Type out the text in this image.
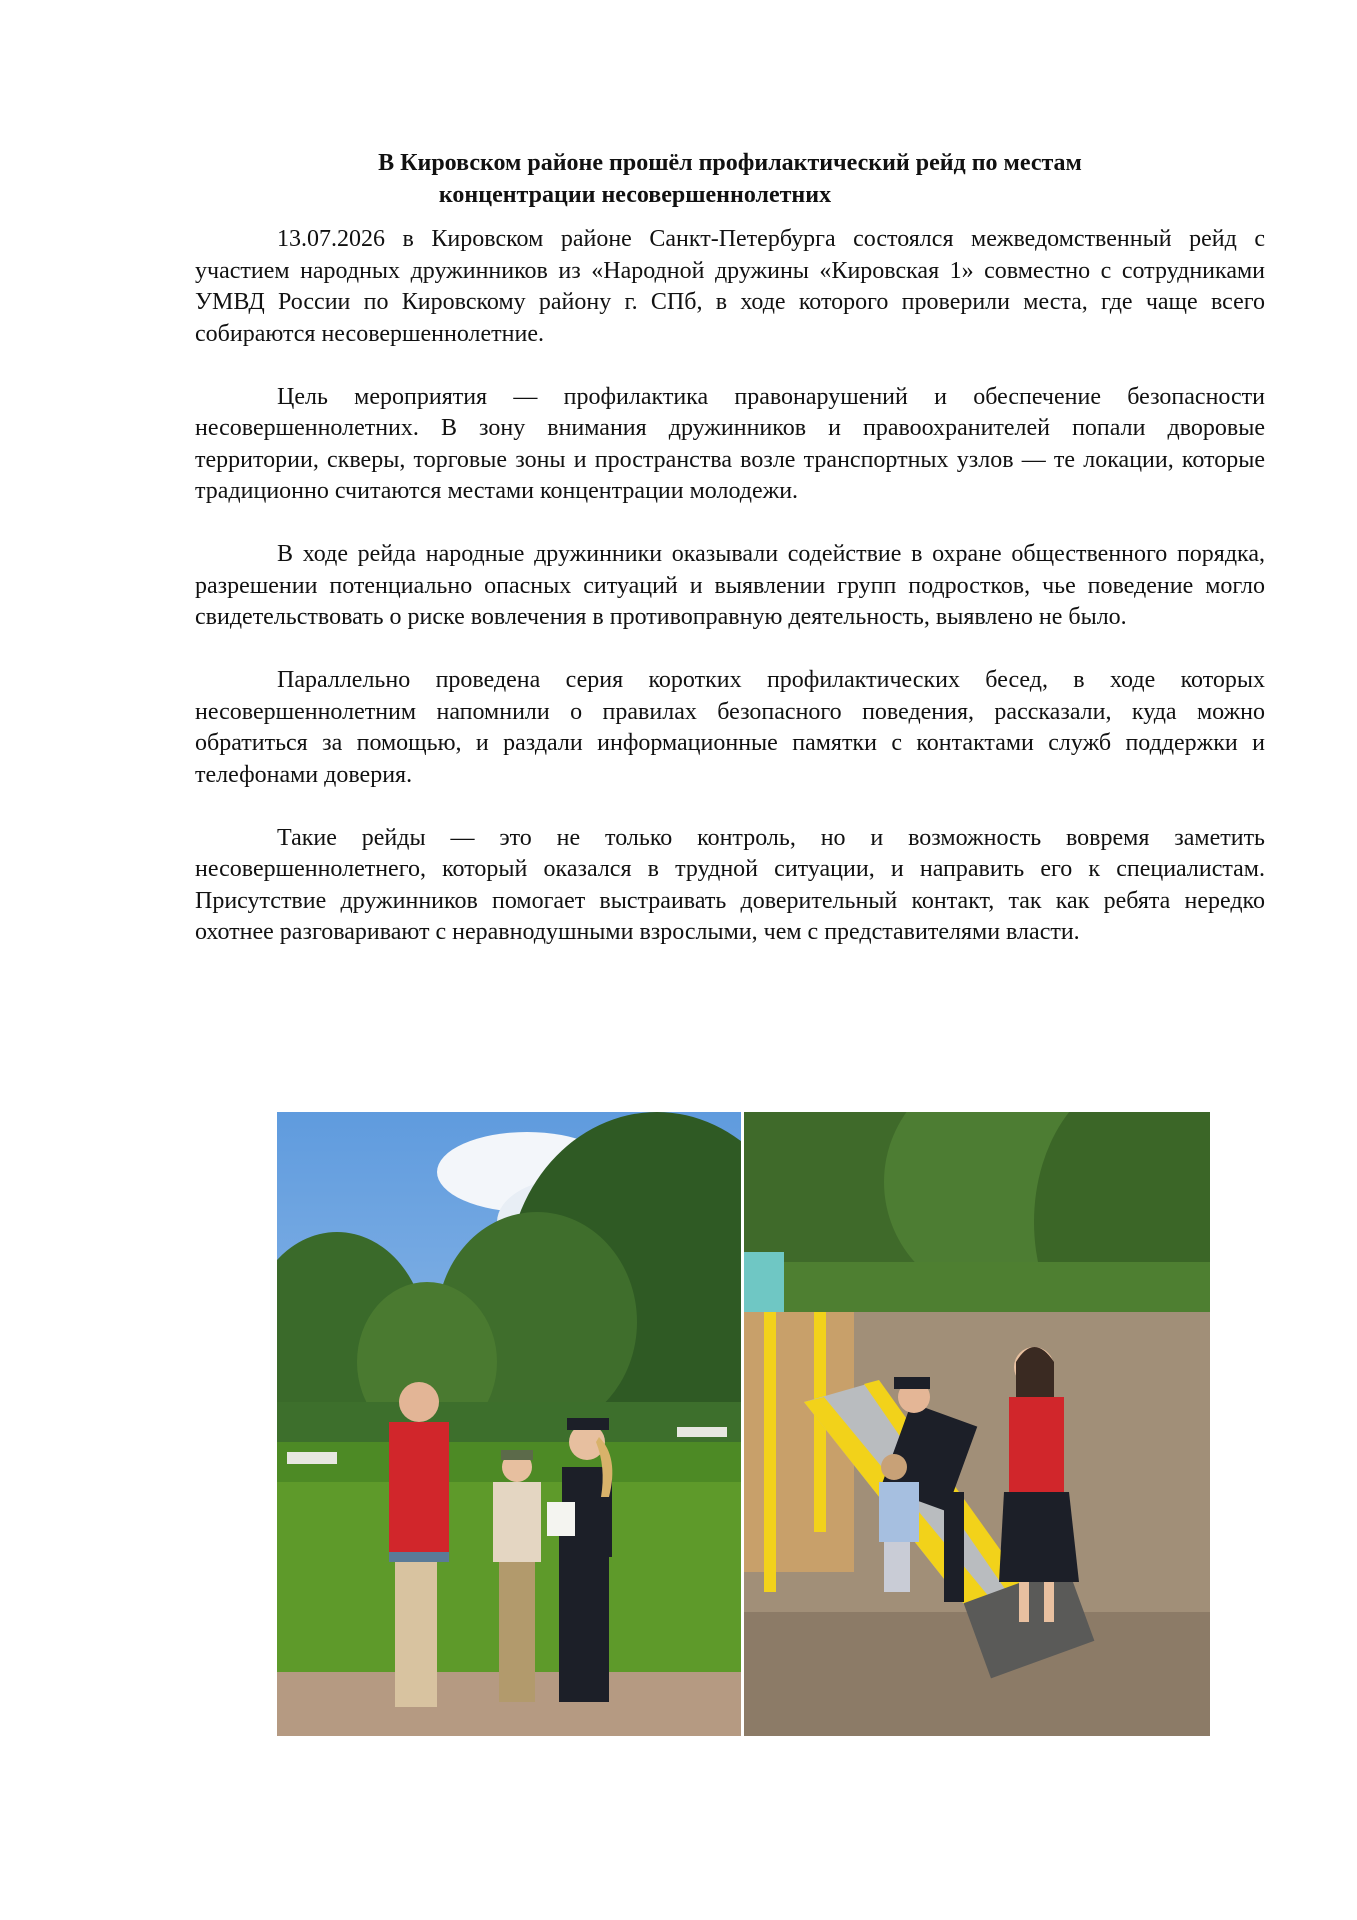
В Кировском районе прошёл профилактический рейд по местам
концентрации несовершеннолетних

13.07.2026 в Кировском районе Санкт-Петербурга состоялся межведомственный рейд с участием народных дружинников из «Народной дружины «Кировская 1» совместно с сотрудниками УМВД России по Кировскому району г. СПб, в ходе которого проверили места, где чаще всего собираются несовершеннолетние.

Цель мероприятия — профилактика правонарушений и обеспечение безопасности несовершеннолетних. В зону внимания дружинников и правоохранителей попали дворовые территории, скверы, торговые зоны и пространства возле транспортных узлов — те локации, которые традиционно считаются местами концентрации молодежи.

В ходе рейда народные дружинники оказывали содействие в охране общественного порядка, разрешении потенциально опасных ситуаций и выявлении групп подростков, чье поведение могло свидетельствовать о риске вовлечения в противоправную деятельность, выявлено не было.

Параллельно проведена серия коротких профилактических бесед, в ходе которых несовершеннолетним напомнили о правилах безопасного поведения, рассказали, куда можно обратиться за помощью, и раздали информационные памятки с контактами служб поддержки и телефонами доверия.

Такие рейды — это не только контроль, но и возможность вовремя заметить несовершеннолетнего, который оказался в трудной ситуации, и направить его к специалистам. Присутствие дружинников помогает выстраивать доверительный контакт, так как ребята нередко охотнее разговаривают с неравнодушными взрослыми, чем с представителями власти.
